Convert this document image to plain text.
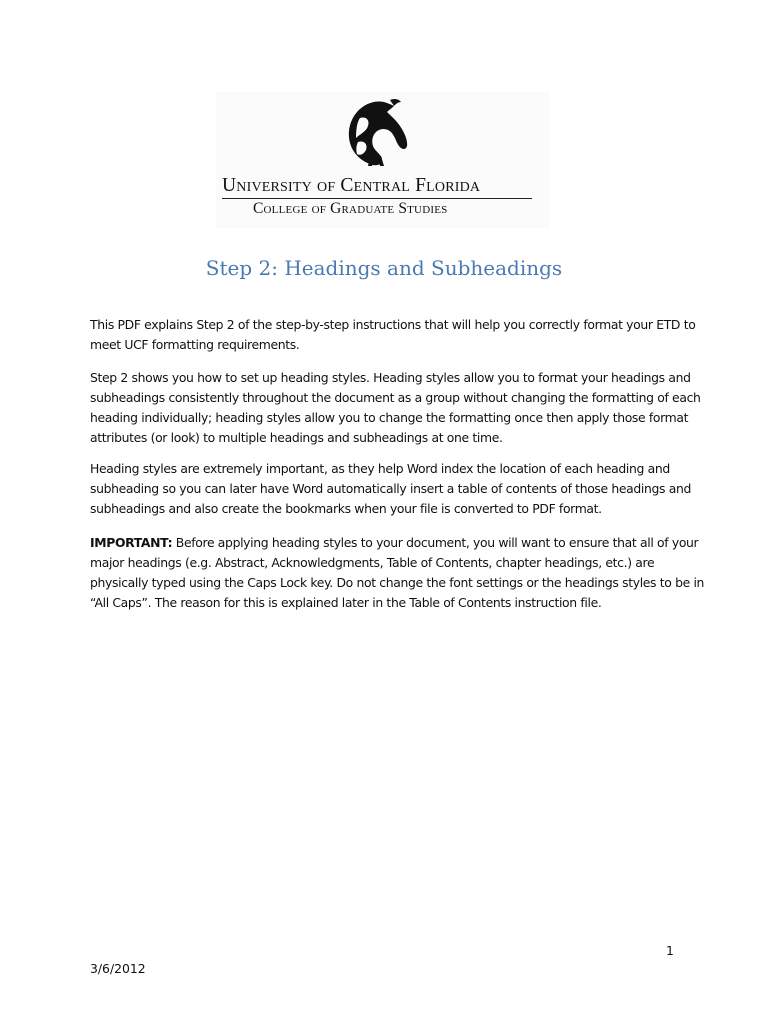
University of Central Florida
College of Graduate Studies
Step 2: Headings and Subheadings

This PDF explains Step 2 of the step-by-step instructions that will help you correctly format your ETD to
meet UCF formatting requirements.

Step 2 shows you how to set up heading styles. Heading styles allow you to format your headings and
subheadings consistently throughout the document as a group without changing the formatting of each
heading individually; heading styles allow you to change the formatting once then apply those format
attributes (or look) to multiple headings and subheadings at one time.

Heading styles are extremely important, as they help Word index the location of each heading and
subheading so you can later have Word automatically insert a table of contents of those headings and
subheadings and also create the bookmarks when your file is converted to PDF format.

IMPORTANT: Before applying heading styles to your document, you will want to ensure that all of your
major headings (e.g. Abstract, Acknowledgments, Table of Contents, chapter headings, etc.) are
physically typed using the Caps Lock key. Do not change the font settings or the headings styles to be in
“All Caps”. The reason for this is explained later in the Table of Contents instruction file.

1
3/6/2012
